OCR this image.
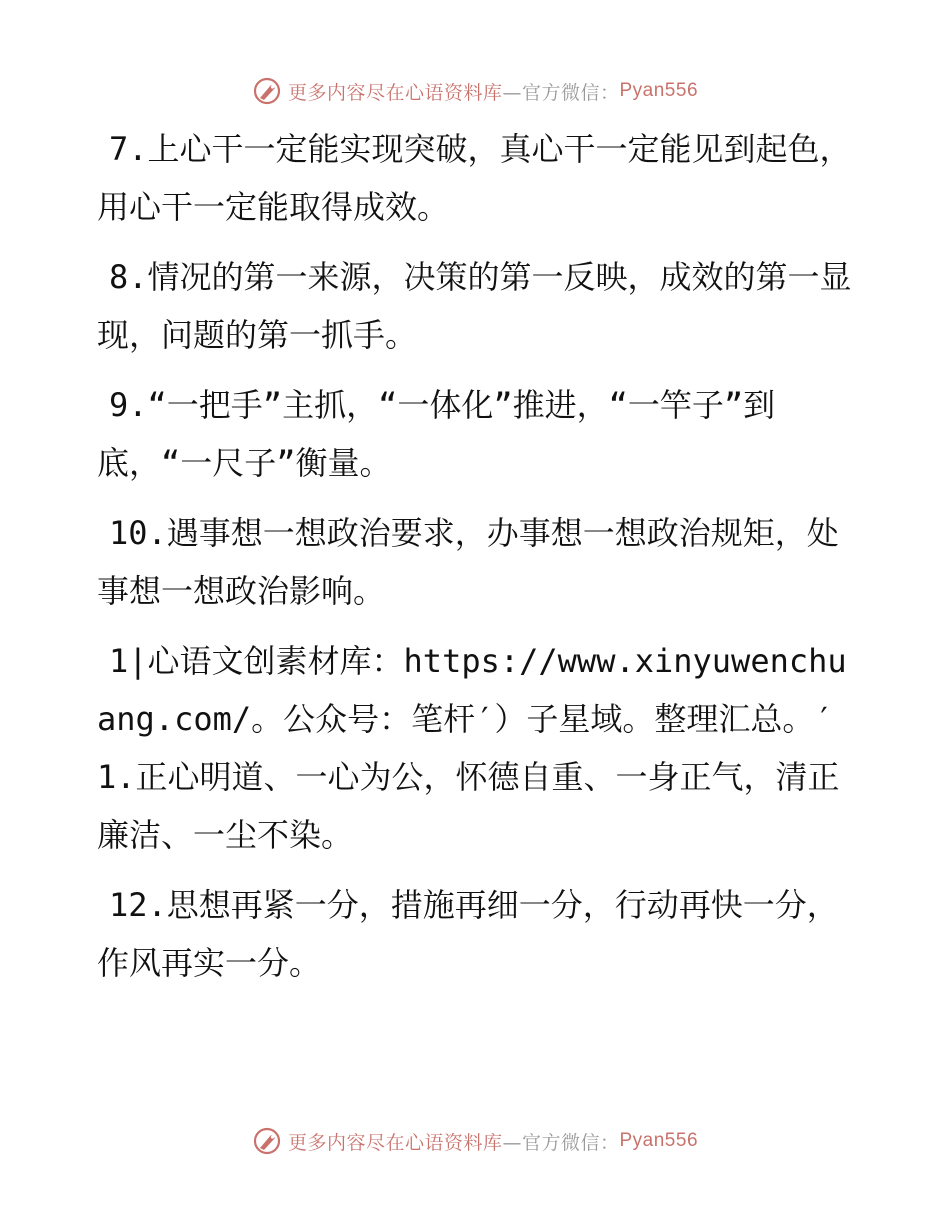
更多内容尽在心语资料库 —官方微信： Pyan556

7.上心干一定能实现突破，真心干一定能见到起色，用心干一定能取得成效。

8.情况的第一来源，决策的第一反映，成效的第一显现，问题的第一抓手。

9.“一把手”主抓，“一体化”推进，“一竿子”到底，“一尺子”衡量。

10.遇事想一想政治要求，办事想一想政治规矩，处事想一想政治影响。

1|心语文创素材库：https://www.xinyuwenchuang.com/。公众号：笔杆′）子星域。整理汇总。′1.正心明道、一心为公，怀德自重、一身正气，清正廉洁、一尘不染。

12.思想再紧一分，措施再细一分，行动再快一分，作风再实一分。

更多内容尽在心语资料库 —官方微信： Pyan556
